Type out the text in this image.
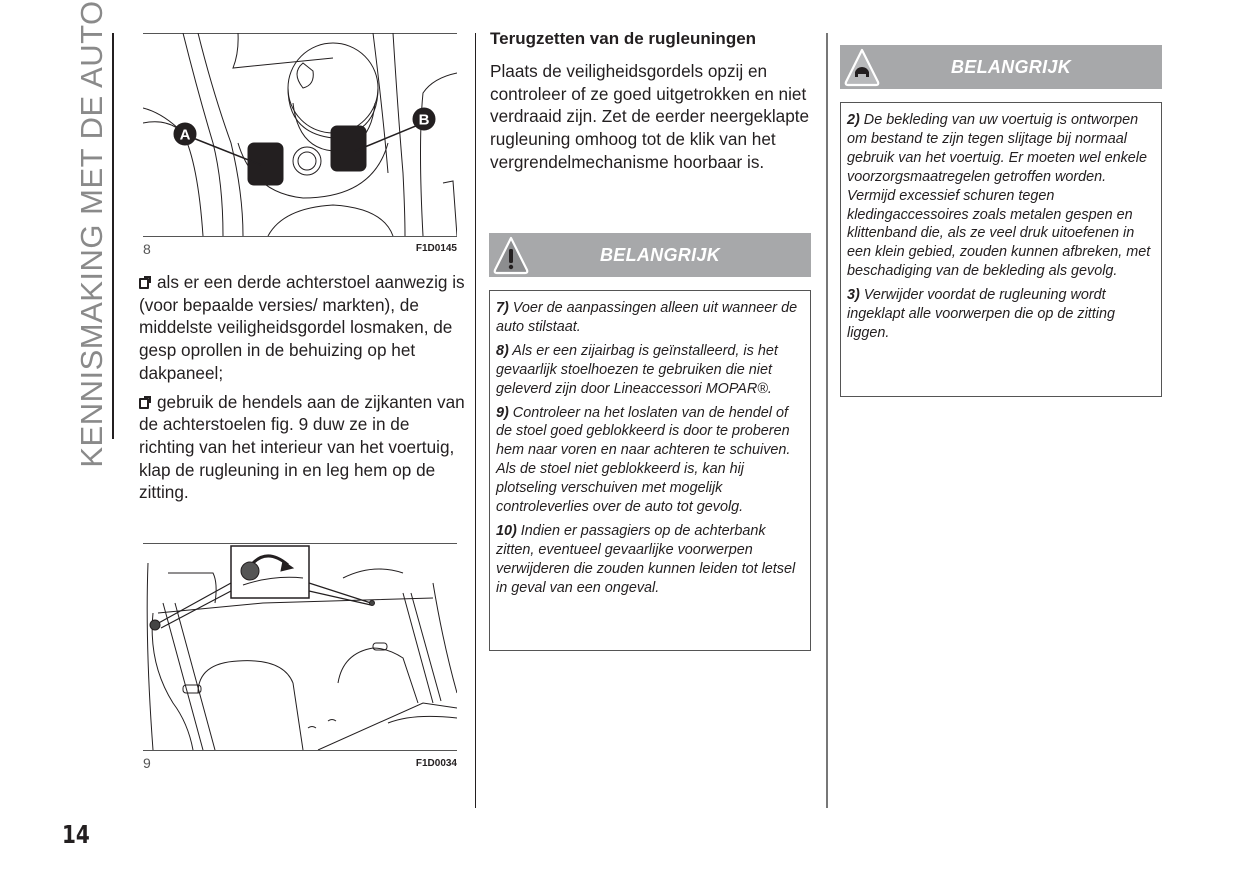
KENNISMAKING MET DE AUTO	A
B
8	F1D0145

als er een derde achterstoel aanwezig is (voor bepaalde versies/ markten), de middelste veiligheidsgordel losmaken, de gesp oprollen in de behuizing op het dakpaneel;

gebruik de hendels aan de zijkanten van de achterstoelen fig. 9 duw ze in de richting van het interieur van het voertuig, klap de rugleuning in en leg hem op de zitting.

9	F1D0034
Terugzetten van de rugleuningen

Plaats de veiligheidsgordels opzij en controleer of ze goed uitgetrokken en niet verdraaid zijn. Zet de eerder neergeklapte rugleuning omhoog tot de klik van het vergrendelmechanisme hoorbaar is.

BELANGRIJK

7) Voer de aanpassingen alleen uit wanneer de auto stilstaat.

8) Als er een zijairbag is geïnstalleerd, is het gevaarlijk stoelhoezen te gebruiken die niet geleverd zijn door Lineaccessori MOPAR®.

9) Controleer na het loslaten van de hendel of de stoel goed geblokkeerd is door te proberen hem naar voren en naar achteren te schuiven. Als de stoel niet geblokkeerd is, kan hij plotseling verschuiven met mogelijk controleverlies over de auto tot gevolg.

10) Indien er passagiers op de achterbank zitten, eventueel gevaarlijke voorwerpen verwijderen die zouden kunnen leiden tot letsel in geval van een ongeval.

BELANGRIJK

2) De bekleding van uw voertuig is ontworpen om bestand te zijn tegen slijtage bij normaal gebruik van het voertuig. Er moeten wel enkele voorzorgsmaatregelen getroffen worden. Vermijd excessief schuren tegen kledingaccessoires zoals metalen gespen en klittenband die, als ze veel druk uitoefenen in een klein gebied, zouden kunnen afbreken, met beschadiging van de bekleding als gevolg.

3) Verwijder voordat de rugleuning wordt ingeklapt alle voorwerpen die op de zitting liggen.

14
